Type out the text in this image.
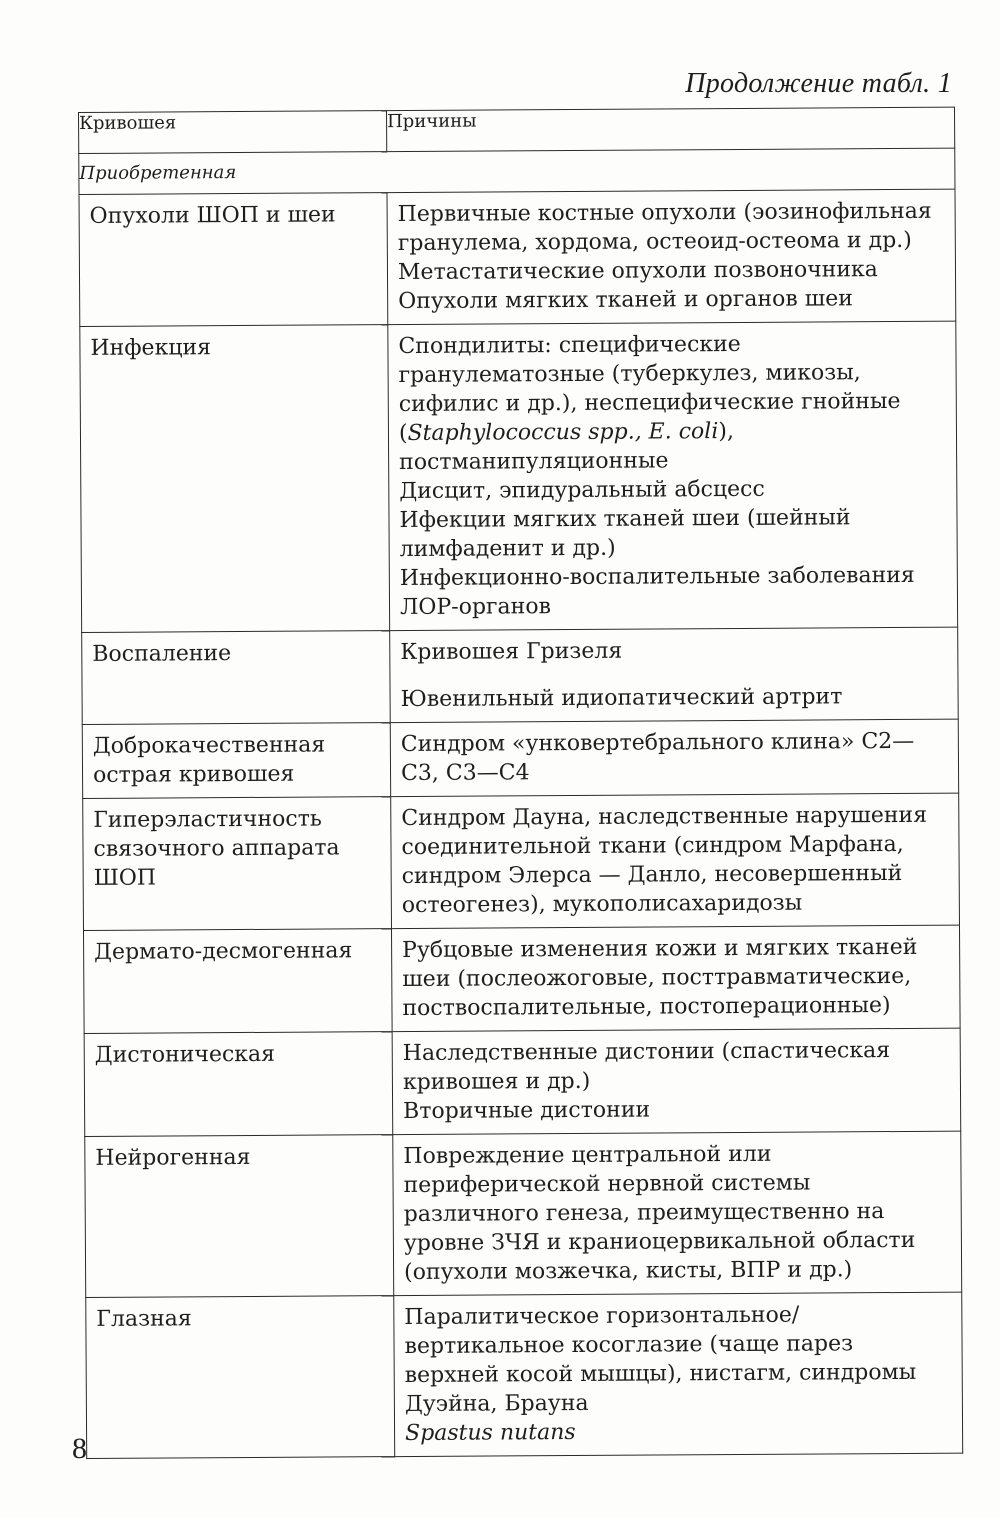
Продолжение табл. 1
Кривошея	Причины
Приобретенная	
Опухоли ШОП и шеи	Первичные костные опухоли (эозинофильная гранулема, хордома, остеоид-остеома и др.)
Метастатические опухоли позвоночника
Опухоли мягких тканей и органов шеи

Инфекция	Спондилиты: специфические гранулематозные (туберкулез, микозы, сифилис и др.), неспецифические гнойные (Staphylococcus spp., E. coli), постманипуляционные
Дисцит, эпидуральный абсцесс
Ифекции мягких тканей шеи (шейный лимфаденит и др.)
Инфекционно-воспалительные заболевания ЛОР-органов

Воспаление	Кривошея Гризеля
Ювенильный идиопатический артрит

Доброкачественная острая кривошея	Синдром «унковертебрального клина» С2—С3, С3—С4

Гиперэластичность связочного аппарата ШОП	Синдром Дауна, наследственные нарушения соединительной ткани (синдром Марфана, синдром Элерса — Данло, несовершенный остеогенез), мукополисахаридозы

Дермато-десмогенная	Рубцовые изменения кожи и мягких тканей шеи (послеожоговые, посттравматические, поствоспалительные, постоперационные)

Дистоническая	Наследственные дистонии (спастическая кривошея и др.)
Вторичные дистонии

Нейрогенная	Повреждение центральной или периферической нервной системы различного генеза, преимущественно на уровне ЗЧЯ и краниоцервикальной области (опухоли мозжечка, кисты, ВПР и др.)

Глазная	Паралитическое горизонтальное/вертикальное косоглазие (чаще парез верхней косой мышцы), нистагм, синдромы Дуэйна, Брауна
Spastus nutans
8
